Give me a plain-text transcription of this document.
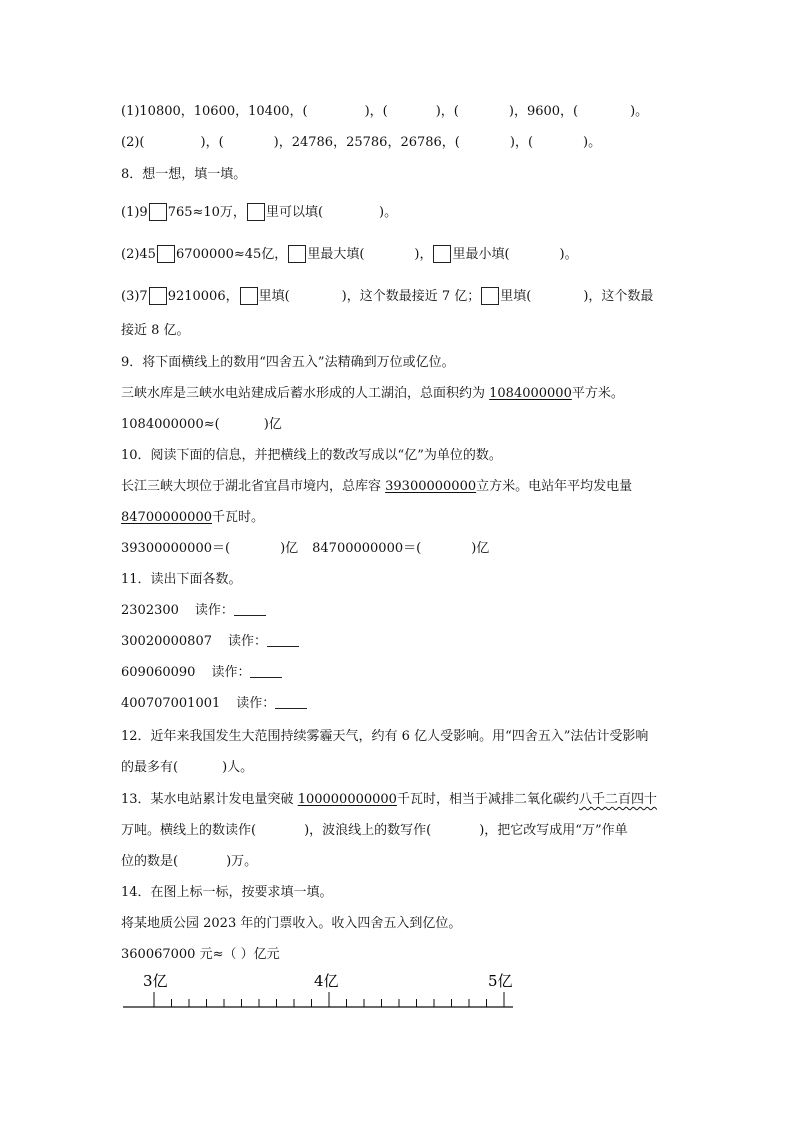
(1)10800，10600，10400，(	)，(	)，(	)，9600，(	)。
(2)(	)，(	)，24786，25786，26786，(	)，(	)。
8．想一想，填一填。
(1)9 765≈10万， 里可以填(	)。
(2)45 6700000≈45亿， 里最大填(	)， 里最小填(	)。
(3)7 9210006， 里填(	)，这个数最接近 7 亿； 里填(	)，这个数最
接近 8 亿。
9．将下面横线上的数用“四舍五入”法精确到万位或亿位。
三峡水库是三峡水电站建成后蓄水形成的人工湖泊，总面积约为 1084000000平方米。
1084000000≈(	)亿
10．阅读下面的信息，并把横线上的数改写成以“亿”为单位的数。
长江三峡大坝位于湖北省宜昌市境内，总库容 39300000000立方米。电站年平均发电量
84700000000千瓦时。
39300000000＝(	)亿 84700000000＝(	)亿
11．读出下面各数。
2302300 读作：
30020000807 读作：
609060090 读作：
400707001001 读作：
12．近年来我国发生大范围持续雾霾天气，约有 6 亿人受影响。用“四舍五入”法估计受影响
的最多有(	)人。
13．某水电站累计发电量突破 100000000000千瓦时，相当于减排二氧化碳约八千二百四十
万吨。横线上的数读作(	)，波浪线上的数写作(	)，把它改写成用“万”作单
位的数是(	)万。
14．在图上标一标，按要求填一填。
将某地质公园 2023 年的门票收入。收入四舍五入到亿位。
360067000 元≈（ ）亿元
3亿	4亿	5亿
